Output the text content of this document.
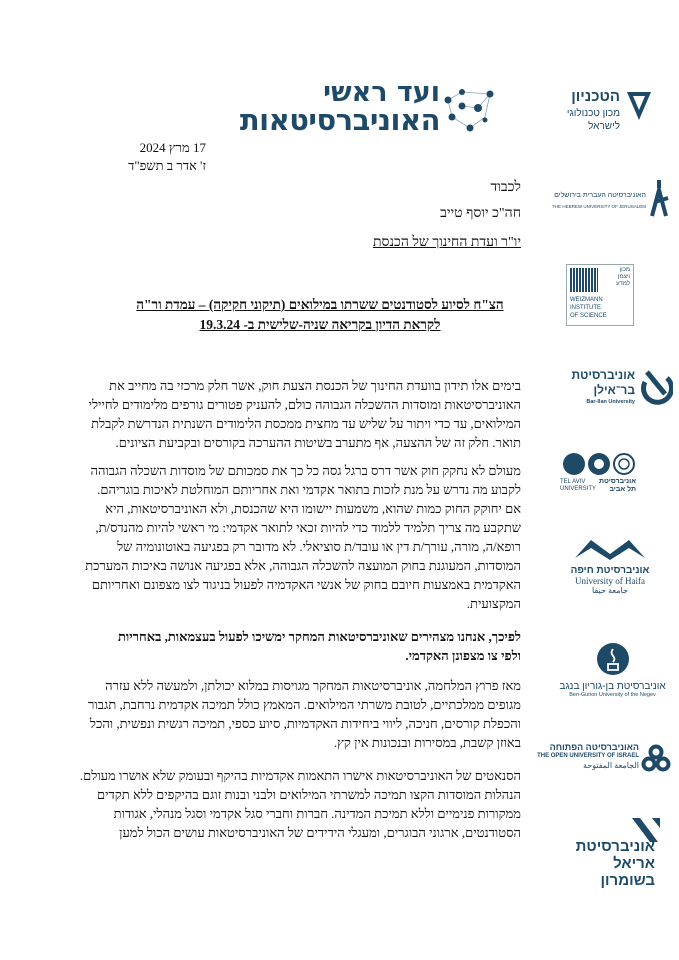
ועד ראשי
האוניברסיטאות
17 מרץ 2024
ז' אדר ב תשפ"ד
לכבוד
חה"כ יוסף טייב
יו"ר ועדת החינוך של הכנסת
הצ"ח לסיוע לסטודנטים ששרתו במילואים (תיקוני חקיקה) – עמדת ור"ה
לקראת הדיון בקריאה שניה-שלישית ב- 19.3.24
בימים אלו תידון בוועדת החינוך של הכנסת הצעת חוק, אשר חלק מרכזי בה מחייב את
האוניברסיטאות ומוסדות ההשכלה הגבוהה כולם, להעניק פטורים גורפים מלימודים לחיילי
המילואים, עד כדי ויתור על שליש עד מחצית ממכסת הלימודים השנתית הנדרשת לקבלת
תואר. חלק זה של ההצעה, אף מתערב בשיטות ההערכה בקורסים ובקביעת הציונים.
מעולם לא נחקק חוק אשר דרס ברגל גסה כל כך את סמכותם של מוסדות השכלה הגבוהה
לקבוע מה נדרש על מנת לזכות בתואר אקדמי ואת אחריותם המוחלטת לאיכות בוגריהם.
אם יחוקק החוק כמות שהוא, משמעות יישומו היא שהכנסת, ולא האוניברסיטאות, היא
שתקבע מה צריך תלמיד ללמוד כדי להיות זכאי לתואר אקדמי: מי ראשי להיות מהנדס/ת,
רופא/ה, מורה, עורך/ת דין או עובד/ת סוציאלי. לא מדובר רק בפגיעה באוטונומיה של
המוסדות, המעוגנת בחוק המועצה להשכלה הגבוהה, אלא בפגיעה אנושה באיכות המערכת
האקדמית באמצעות חיובם בחוק של אנשי האקדמיה לפעול בניגוד לצו מצפונם ואחריותם
המקצועית.
לפיכך, אנחנו מצהירים שאוניברסיטאות המחקר ימשיכו לפעול בעצמאות, באחריות
ולפי צו מצפונן האקדמי.
מאז פרוץ המלחמה, אוניברסיטאות המחקר מגויסות במלוא יכולתן, ולמעשה ללא עזרה
מגופים ממלכתיים, לטובת משרתי המילואים. המאמץ כולל תמיכה אקדמית נרחבת, תגבור
והכפלת קורסים, חניכה, ליווי ביחידות האקדמיות, סיוע כספי, תמיכה רגשית ונפשית, והכל
באוזן קשבת, במסירות ובנכונות אין קץ.
הסנאטים של האוניברסיטאות אישרו התאמות אקדמיות בהיקף ובעומק שלא אושרו מעולם.
הנהלות המוסדות הקצו תמיכה למשרתי המילואים ולבני ובנות זוגם בהיקפים ללא תקדים
ממקורות פנימיים וללא תמיכת המדינה. חברות וחברי סגל אקדמי וסגל מנהלי, אגודות
הסטודנטים, ארגוני הבוגרים, ומעגלי הידידים של האוניברסיטאות עושים הכול למען
הטכניון
מכון טכנולוגי
לישראל
האוניברסיטה העברית בירושלים
THE HEBREW UNIVERSITY OF JERUSALEM
מכון
ויצמן
למדע
WEIZMANN
INSTITUTE
OF SCIENCE
אוניברסיטת
בר־אילן
Bar-Ilan University
TEL AVIV
UNIVERSITY
אוניברסיטת
תל אביב
אוניברסיטת חיפה
University of Haifa
جامعة حيفا
אוניברסיטת בן-גוריון בנגב
Ben-Gurion University of the Negev
האוניברסיטה הפתוחה
THE OPEN UNIVERSITY OF ISRAEL
الجامعة المفتوحة
אוניברסיטת
אריאל
בשומרון
